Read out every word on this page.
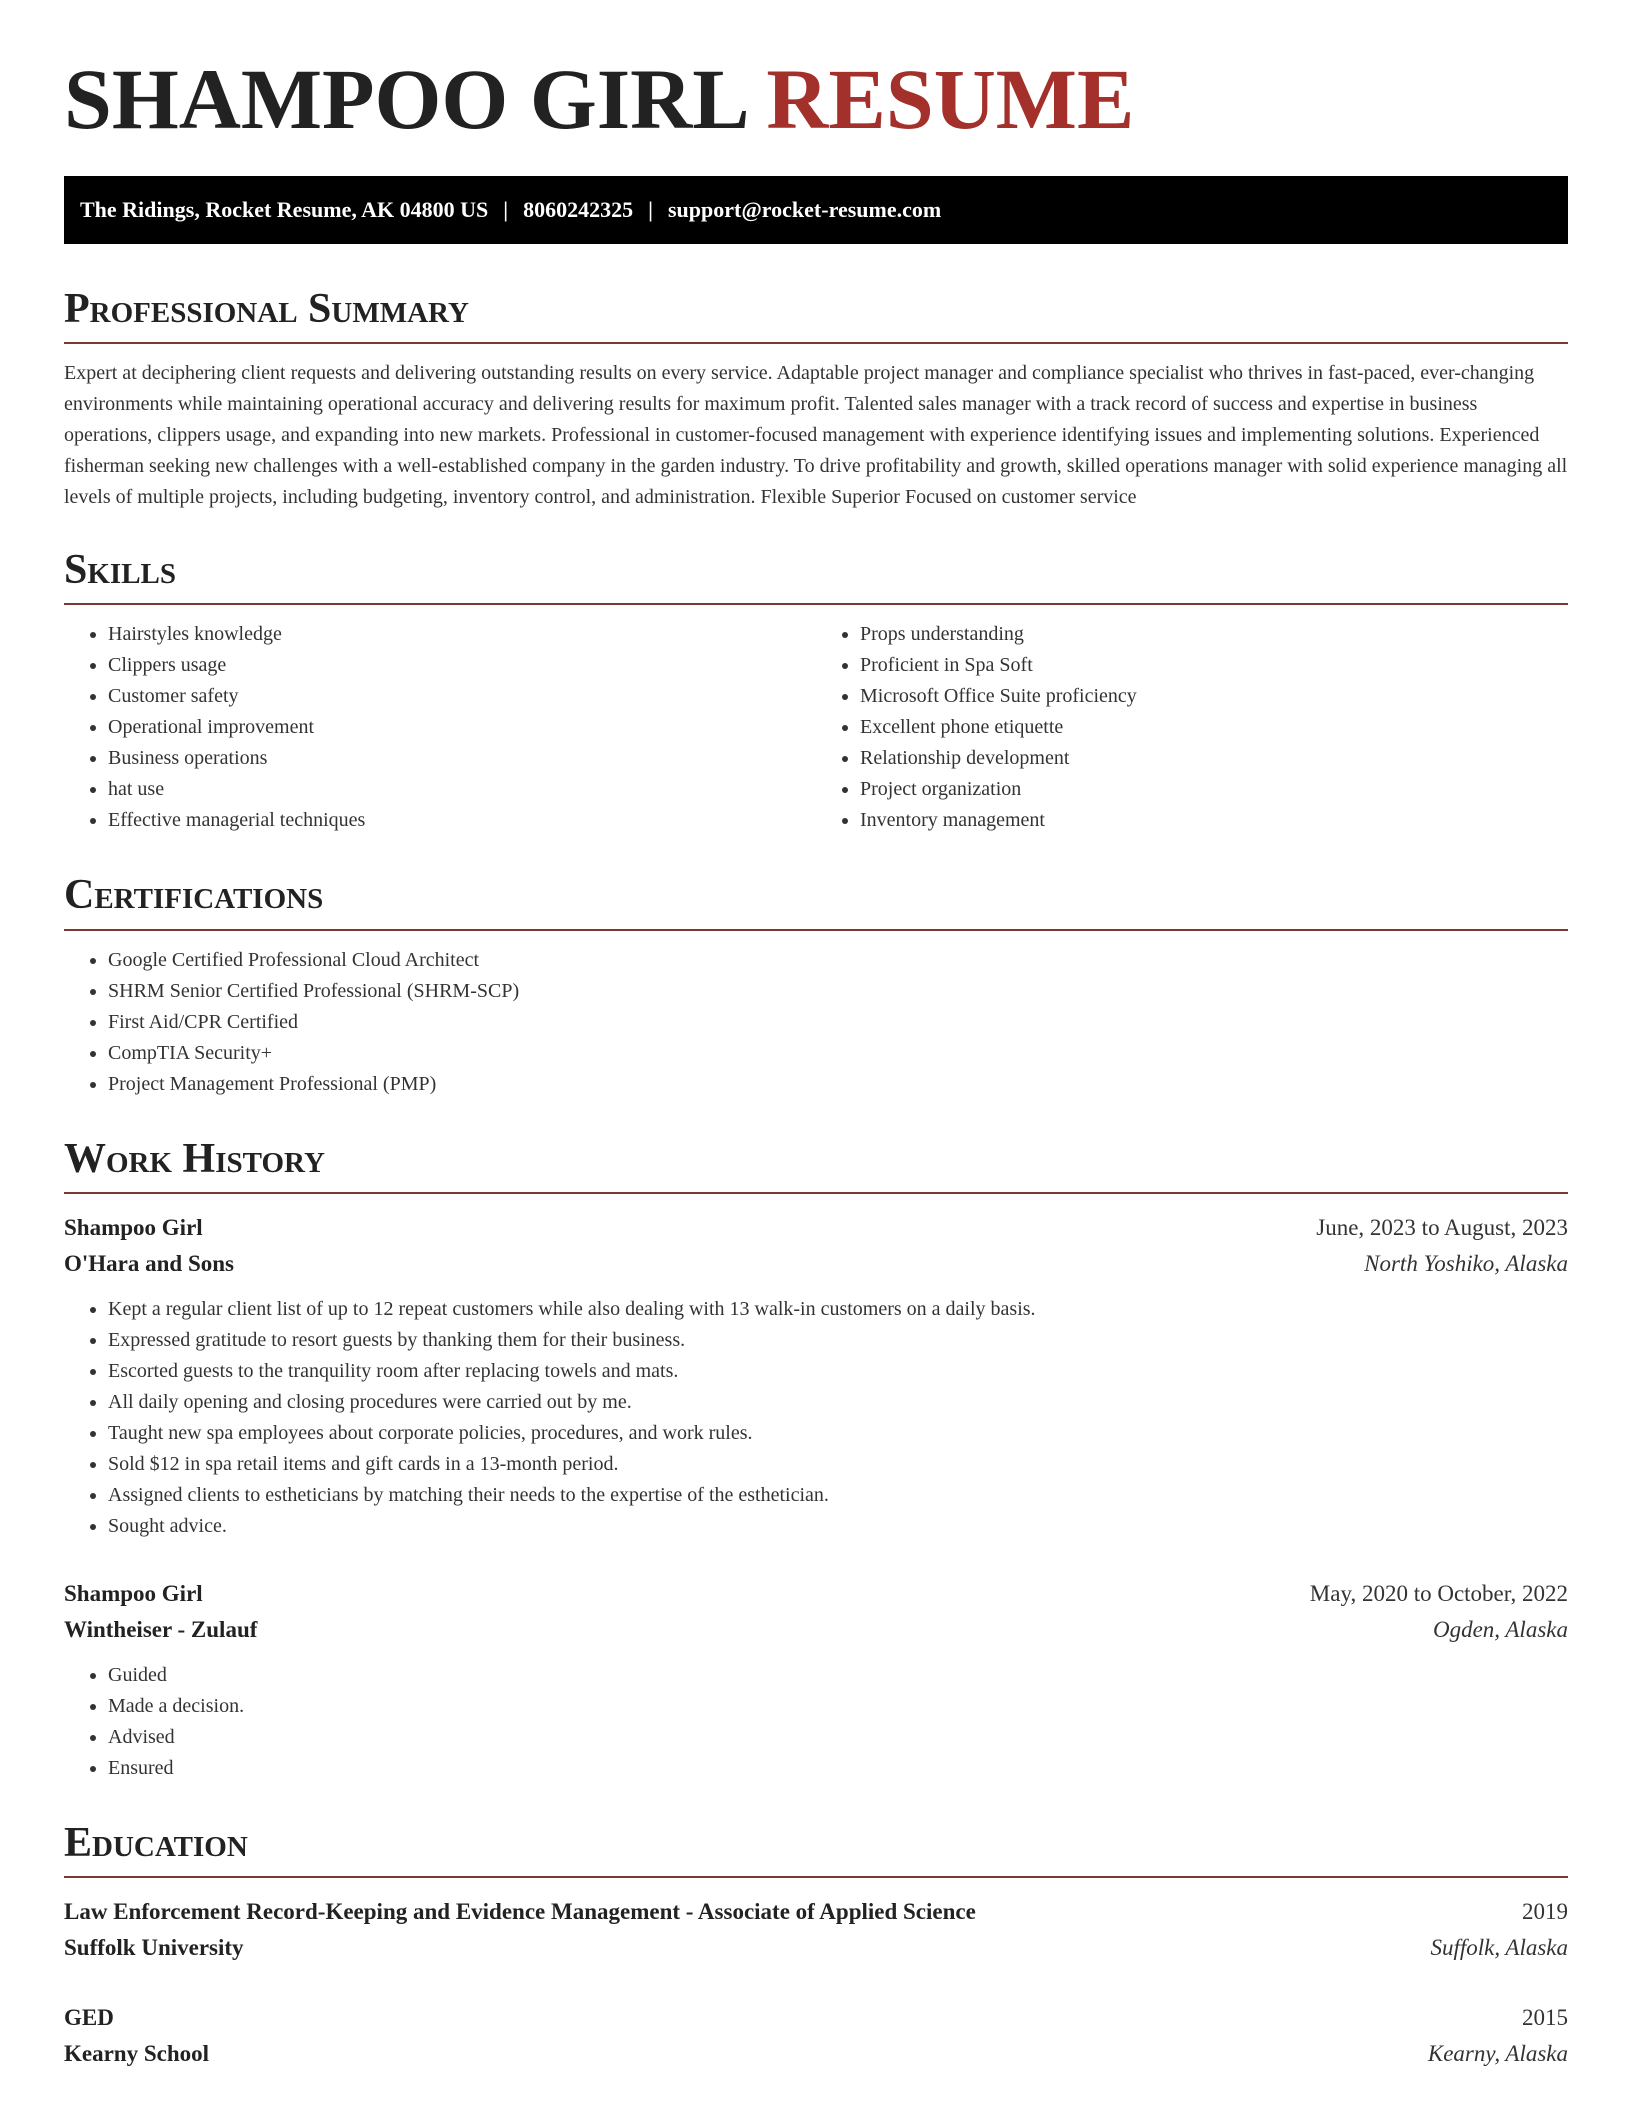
SHAMPOO GIRL RESUME
The Ridings, Rocket Resume, AK 04800 US | 8060242325 | support@rocket-resume.com
Professional Summary
Expert at deciphering client requests and delivering outstanding results on every service. Adaptable project manager and compliance specialist who thrives in fast-paced, ever-changing environments while maintaining operational accuracy and delivering results for maximum profit. Talented sales manager with a track record of success and expertise in business operations, clippers usage, and expanding into new markets. Professional in customer-focused management with experience identifying issues and implementing solutions. Experienced fisherman seeking new challenges with a well-established company in the garden industry. To drive profitability and growth, skilled operations manager with solid experience managing all levels of multiple projects, including budgeting, inventory control, and administration. Flexible Superior Focused on customer service
Skills
• Hairstyles knowledge
• Clippers usage
• Customer safety
• Operational improvement
• Business operations
• hat use
• Effective managerial techniques
• Props understanding
• Proficient in Spa Soft
• Microsoft Office Suite proficiency
• Excellent phone etiquette
• Relationship development
• Project organization
• Inventory management
Certifications
• Google Certified Professional Cloud Architect
• SHRM Senior Certified Professional (SHRM-SCP)
• First Aid/CPR Certified
• CompTIA Security+
• Project Management Professional (PMP)
Work History
Shampoo Girl	June, 2023 to August, 2023
O'Hara and Sons	North Yoshiko, Alaska
• Kept a regular client list of up to 12 repeat customers while also dealing with 13 walk-in customers on a daily basis.
• Expressed gratitude to resort guests by thanking them for their business.
• Escorted guests to the tranquility room after replacing towels and mats.
• All daily opening and closing procedures were carried out by me.
• Taught new spa employees about corporate policies, procedures, and work rules.
• Sold $12 in spa retail items and gift cards in a 13-month period.
• Assigned clients to estheticians by matching their needs to the expertise of the esthetician.
• Sought advice.
Shampoo Girl	May, 2020 to October, 2022
Wintheiser - Zulauf	Ogden, Alaska
• Guided
• Made a decision.
• Advised
• Ensured
Education
Law Enforcement Record-Keeping and Evidence Management - Associate of Applied Science	2019
Suffolk University	Suffolk, Alaska
GED	2015
Kearny School	Kearny, Alaska
